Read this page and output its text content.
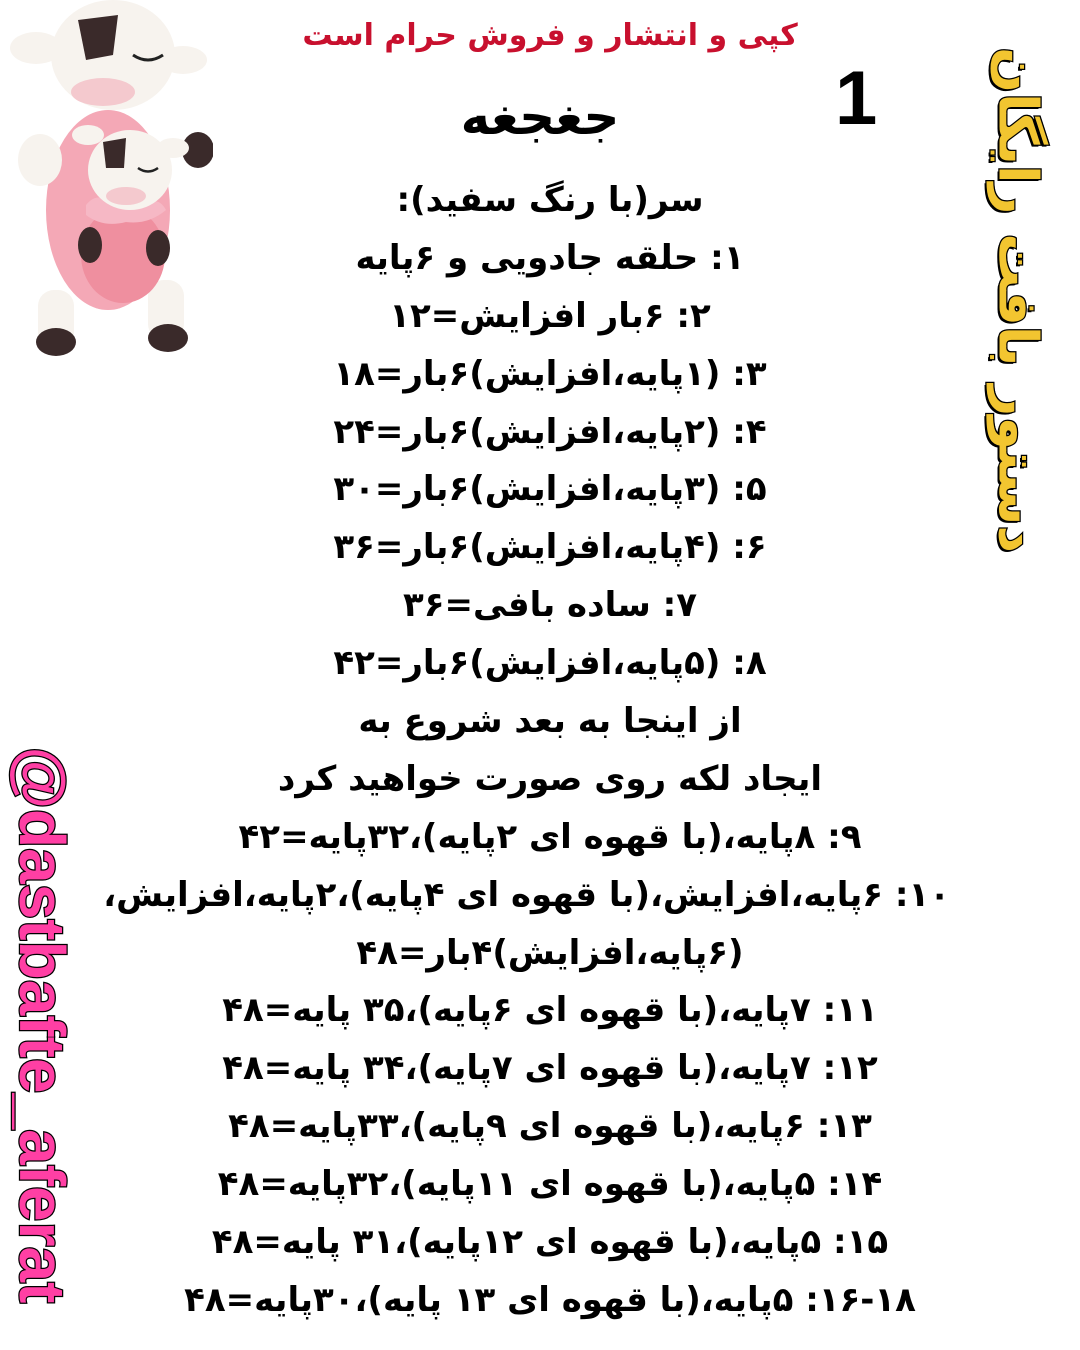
کپی و انتشار و فروش حرام است
1
جغجغه	دستور بافت رایگان
@dastbafte_aferat
سر(با رنگ سفید):
۱: حلقه جادویی و ۶پایه
۲: ۶بار افزایش=۱۲
۳: (۱پایه،افزایش)۶بار=۱۸
۴: (۲پایه،افزایش)۶بار=۲۴
۵: (۳پایه،افزایش)۶بار=۳۰
۶: (۴پایه،افزایش)۶بار=۳۶
۷: ساده بافی=۳۶
۸: (۵پایه،افزایش)۶بار=۴۲
از اینجا به بعد شروع به
ایجاد لکه روی صورت خواهید کرد
۹: ۸پایه،(با قهوه ای ۲پایه)،۳۲پایه=۴۲
۱۰: ۶پایه،افزایش،(با قهوه ای ۴پایه)،۲پایه،افزایش،
(۶پایه،افزایش)۴بار=۴۸
۱۱: ۷پایه،(با قهوه ای ۶پایه)،۳۵ پایه=۴۸
۱۲: ۷پایه،(با قهوه ای ۷پایه)،۳۴ پایه=۴۸
۱۳: ۶پایه،(با قهوه ای ۹پایه)،۳۳پایه=۴۸
۱۴: ۵پایه،(با قهوه ای ۱۱پایه)،۳۲پایه=۴۸
۱۵: ۵پایه،(با قهوه ای ۱۲پایه)،۳۱ پایه=۴۸
۱۶-۱۸: ۵پایه،(با قهوه ای ۱۳ پایه)،۳۰پایه=۴۸
